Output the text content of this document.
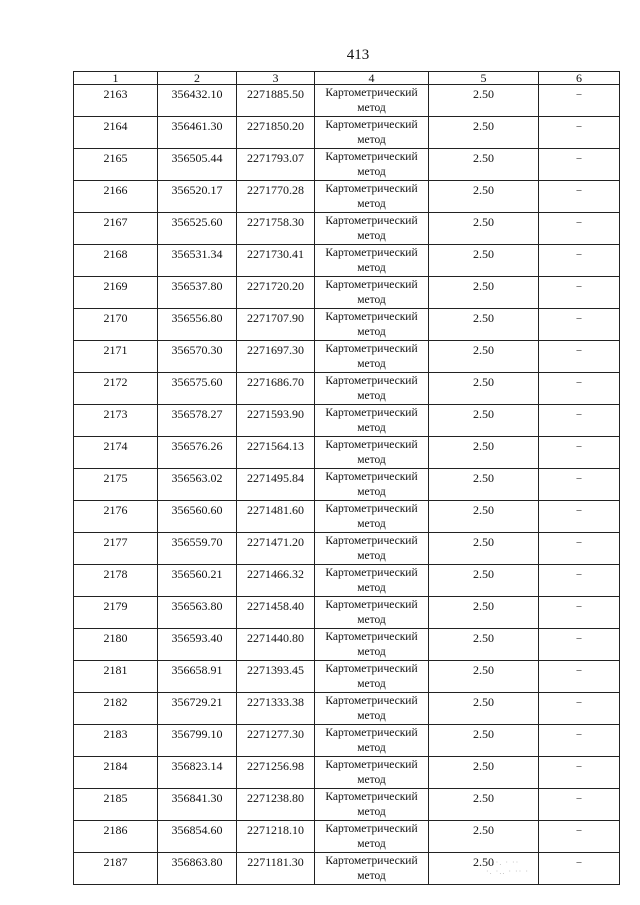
413
1	2	3	4	5	6
2163	356432.10	2271885.50	Картометрический метод	2.50	–
2164	356461.30	2271850.20	Картометрический метод	2.50	–
2165	356505.44	2271793.07	Картометрический метод	2.50	–
2166	356520.17	2271770.28	Картометрический метод	2.50	–
2167	356525.60	2271758.30	Картометрический метод	2.50	–
2168	356531.34	2271730.41	Картометрический метод	2.50	–
2169	356537.80	2271720.20	Картометрический метод	2.50	–
2170	356556.80	2271707.90	Картометрический метод	2.50	–
2171	356570.30	2271697.30	Картометрический метод	2.50	–
2172	356575.60	2271686.70	Картометрический метод	2.50	–
2173	356578.27	2271593.90	Картометрический метод	2.50	–
2174	356576.26	2271564.13	Картометрический метод	2.50	–
2175	356563.02	2271495.84	Картометрический метод	2.50	–
2176	356560.60	2271481.60	Картометрический метод	2.50	–
2177	356559.70	2271471.20	Картометрический метод	2.50	–
2178	356560.21	2271466.32	Картометрический метод	2.50	–
2179	356563.80	2271458.40	Картометрический метод	2.50	–
2180	356593.40	2271440.80	Картометрический метод	2.50	–
2181	356658.91	2271393.45	Картометрический метод	2.50	–
2182	356729.21	2271333.38	Картометрический метод	2.50	–
2183	356799.10	2271277.30	Картометрический метод	2.50	–
2184	356823.14	2271256.98	Картометрический метод	2.50	–
2185	356841.30	2271238.80	Картометрический метод	2.50	–
2186	356854.60	2271218.10	Картометрический метод	2.50	–
2187	356863.80	2271181.30	Картометрический метод	2.50	–
· .·. · ··
·. ·.. · ·· ·
